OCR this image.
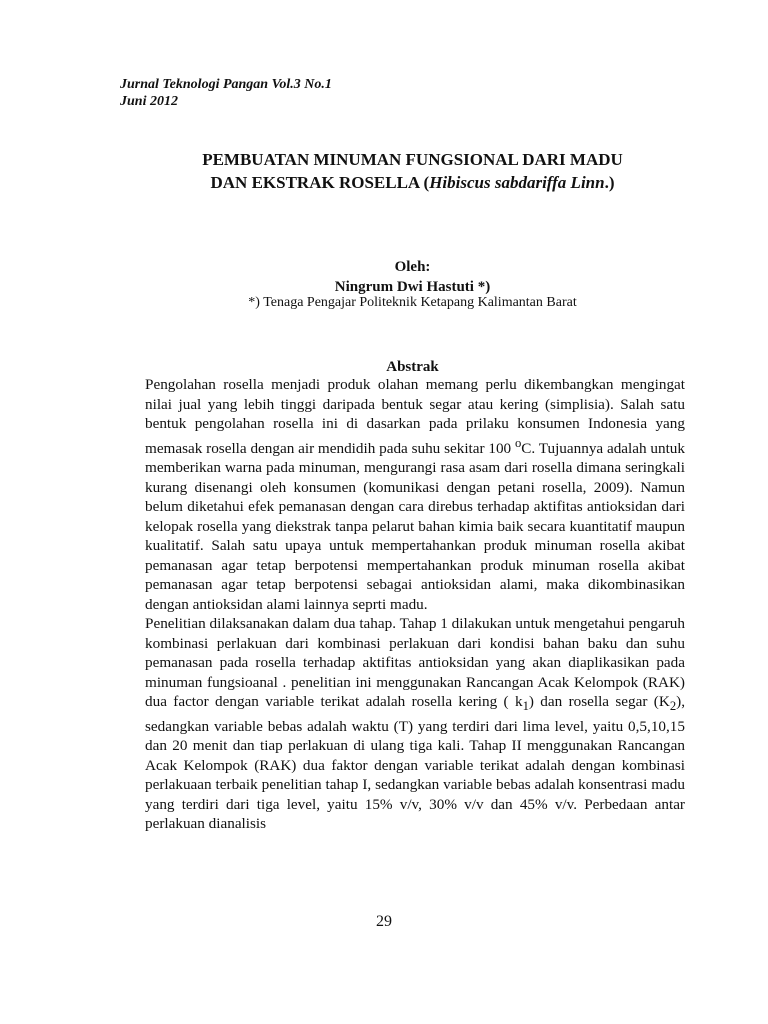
Jurnal Teknologi Pangan Vol.3 No.1
Juni 2012
PEMBUATAN MINUMAN FUNGSIONAL DARI MADU
DAN EKSTRAK ROSELLA (Hibiscus sabdariffa Linn.)
Oleh:
Ningrum Dwi Hastuti *)
*) Tenaga Pengajar Politeknik Ketapang Kalimantan Barat
Abstrak

Pengolahan rosella menjadi produk olahan memang perlu dikembangkan mengingat nilai jual yang lebih tinggi daripada bentuk segar atau kering (simplisia). Salah satu bentuk pengolahan rosella ini di dasarkan pada prilaku konsumen Indonesia yang memasak rosella dengan air mendidih pada suhu sekitar 100 $^o$C. Tujuannya adalah untuk memberikan warna pada minuman, mengurangi rasa asam dari rosella dimana seringkali kurang disenangi oleh konsumen (komunikasi dengan petani rosella, 2009). Namun belum diketahui efek pemanasan dengan cara direbus terhadap aktifitas antioksidan dari kelopak rosella yang diekstrak tanpa pelarut bahan kimia baik secara kuantitatif maupun kualitatif. Salah satu upaya untuk mempertahankan produk minuman rosella akibat pemanasan agar tetap berpotensi mempertahankan produk minuman rosella akibat pemanasan agar tetap berpotensi sebagai antioksidan alami, maka dikombinasikan dengan antioksidan alami lainnya seprti madu.

Penelitian dilaksanakan dalam dua tahap. Tahap 1 dilakukan untuk mengetahui pengaruh kombinasi perlakuan dari kombinasi perlakuan dari kondisi bahan baku dan suhu pemanasan pada rosella terhadap aktifitas antioksidan yang akan diaplikasikan pada minuman fungsioanal . penelitian ini menggunakan Rancangan Acak Kelompok (RAK) dua factor dengan variable terikat adalah rosella kering ( $k_1$) dan rosella segar $(K_2)$, sedangkan variable bebas adalah waktu (T) yang terdiri dari lima level, yaitu 0,5,10,15 dan 20 menit dan tiap perlakuan di ulang tiga kali. Tahap II menggunakan Rancangan Acak Kelompok (RAK) dua faktor dengan variable terikat adalah dengan kombinasi perlakuaan terbaik penelitian tahap I, sedangkan variable bebas adalah konsentrasi madu yang terdiri dari tiga level, yaitu 15% v/v, 30% v/v dan 45% v/v. Perbedaan antar perlakuan dianalisis

29
